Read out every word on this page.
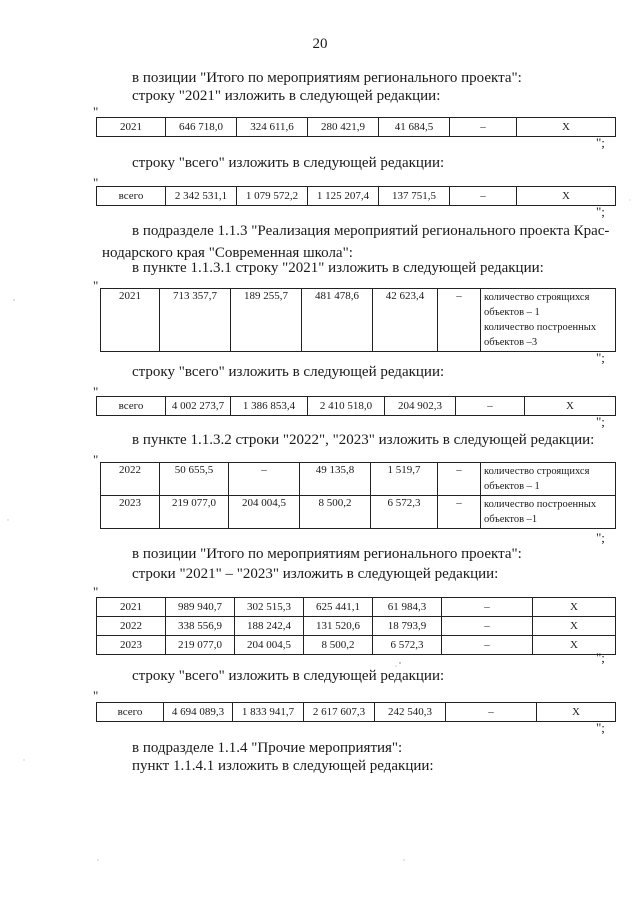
20
в позиции "Итого по мероприятиям регионального проекта":
строку "2021" изложить в следующей редакции:
"
2021	646 718,0	324 611,6	280 421,9	41 684,5	–	Х
";
строку "всего" изложить в следующей редакции:
"
всего	2 342 531,1	1 079 572,2	1 125 207,4	137 751,5	–	Х
";
в подразделе 1.1.3 "Реализация мероприятий регионального проекта Крас-
нодарского края "Современная школа":
в пункте 1.1.3.1 строку "2021" изложить в следующей редакции:
"
2021	713 357,7	189 255,7	481 478,6	42 623,4	–	количество строящихся
объектов – 1
количество построенных
объектов –3
";
строку "всего" изложить в следующей редакции:
"
всего	4 002 273,7	1 386 853,4	2 410 518,0	204 902,3	–	Х
";
в пункте 1.1.3.2 строки "2022", "2023" изложить в следующей редакции:
"
2022	50 655,5	–	49 135,8	1 519,7	–	количество строящихся
объектов – 1
2023	219 077,0	204 004,5	8 500,2	6 572,3	–	количество построенных
объектов –1
";
в позиции "Итого по мероприятиям регионального проекта":
строки "2021" – "2023" изложить в следующей редакции:
"
2021	989 940,7	302 515,3	625 441,1	61 984,3	–	Х
2022	338 556,9	188 242,4	131 520,6	18 793,9	–	Х
2023	219 077,0	204 004,5	8 500,2	6 572,3	–	Х
";
строку "всего" изложить в следующей редакции:
"
всего	4 694 089,3	1 833 941,7	2 617 607,3	242 540,3	–	Х
";
в подразделе 1.1.4 "Прочие мероприятия":
пункт 1.1.4.1 изложить в следующей редакции:
